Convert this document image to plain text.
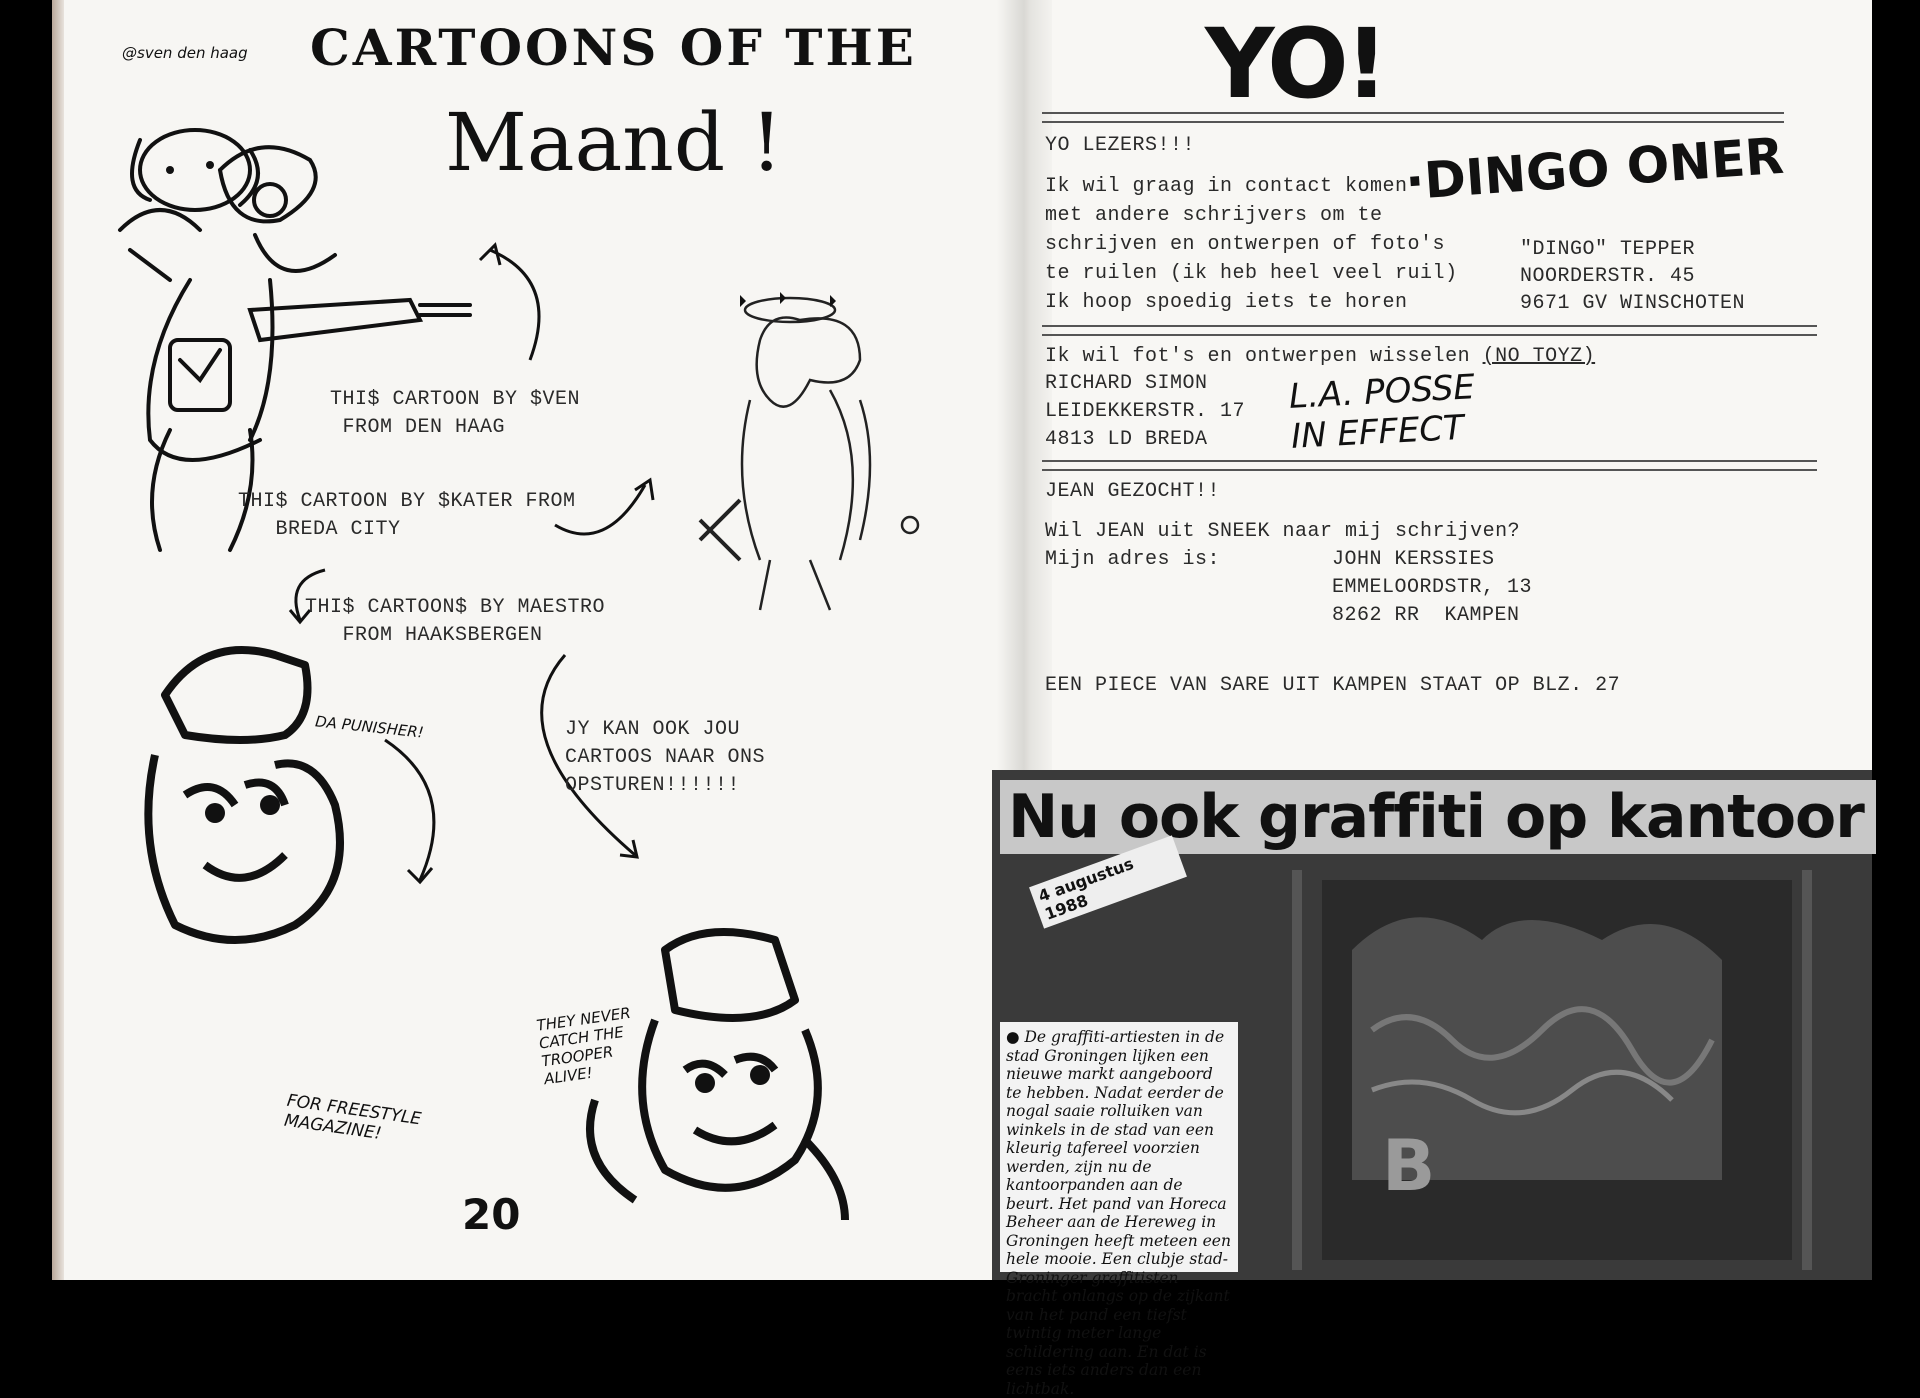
@sven den haag CARTOONS OF THE
Maand !
THI$ CARTOON BY $VEN
FROM DEN HAAG
THI$ CARTOON BY $KATER FROM
BREDA CITY
THI$ CARTOON$ BY MAESTRO
FROM HAAKSBERGEN
JY KAN OOK JOU
CARTOOS NAAR ONS
OPSTUREN!!!!!!
DA PUNISHER!
THEY NEVER
CATCH THE
TROOPER
ALIVE!
FOR FREESTYLE
MAGAZINE!
20
YO!
·DINGO ONER
YO LEZERS!!!
Ik wil graag in contact komen
met andere schrijvers om te
schrijven en ontwerpen of foto's
te ruilen (ik heb heel veel ruil)
Ik hoop spoedig iets te horen
"DINGO" TEPPER
NOORDERSTR. 45
9671 GV WINSCHOTEN
Ik wil fot's en ontwerpen wisselen (NO TOYZ)
RICHARD SIMON
LEIDEKKERSTR. 17
4813 LD BREDA
L.A. POSSE
IN EFFECT
JEAN GEZOCHT!!
Wil JEAN uit SNEEK naar mij schrijven?
Mijn adres is:	JOHN KERSSIES
EMMELOORDSTR, 13
8262 RR  KAMPEN
EEN PIECE VAN SARE UIT KAMPEN STAAT OP BLZ. 27
B
Nu ook graffiti op kantoor
4 augustus 1988
● De graffiti-artiesten in de stad Groningen lijken een nieuwe markt aangeboord te hebben. Nadat eerder de nogal saaie rolluiken van winkels in de stad van een kleurig tafereel voorzien werden, zijn nu de kantoorpanden aan de beurt. Het pand van Horeca Beheer aan de Hereweg in Groningen heeft meteen een hele mooie. Een clubje stad-Groninger graffitisten bracht onlangs op de zijkant van het pand een tiefst twintig meter lange schildering aan. En dat is eens iets anders dan een lichtbak.
